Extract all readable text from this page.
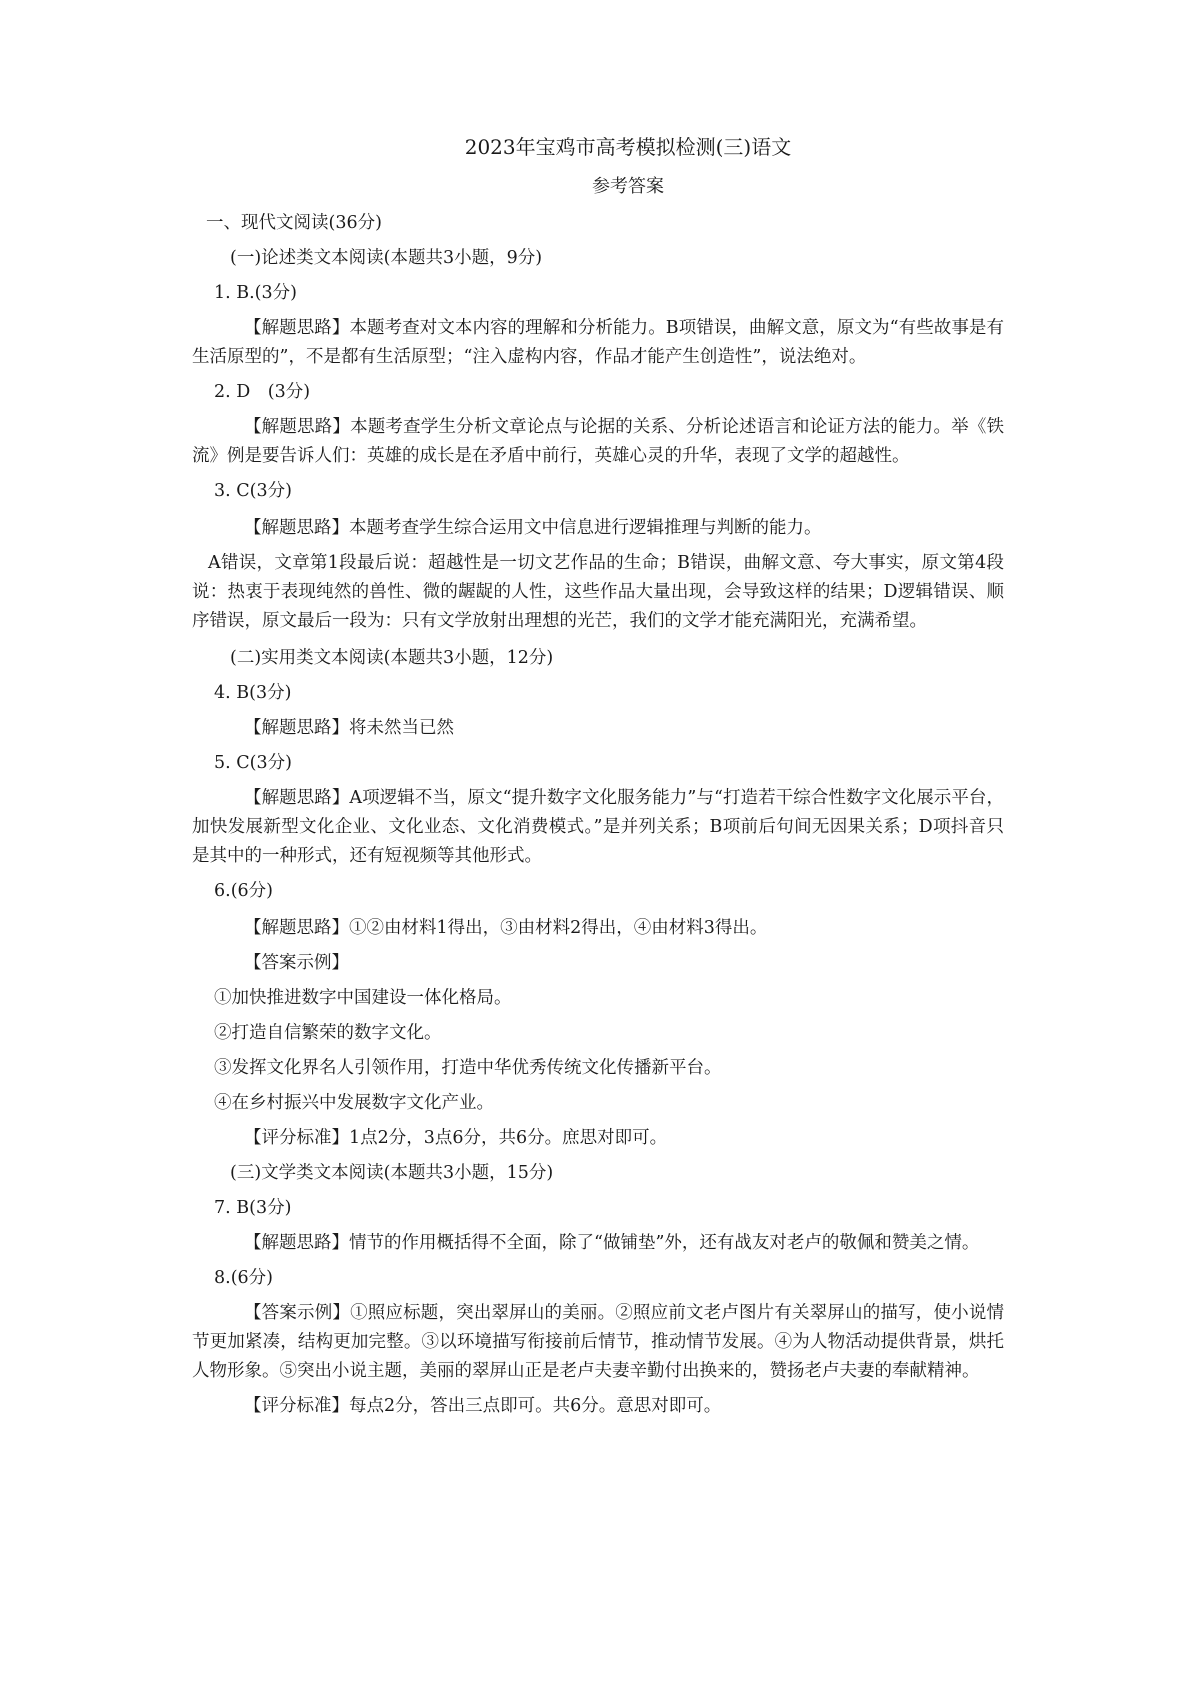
2023年宝鸡市高考模拟检测(三)语文
参考答案
一、现代文阅读(36分)
(一)论述类文本阅读(本题共3小题，9分)
1. B.(3分)
【解题思路】本题考查对文本内容的理解和分析能力。B项错误，曲解文意，原文为“有些故事是有生活原型的”，不是都有生活原型；“注入虚构内容，作品才能产生创造性”，说法绝对。
2. D　(3分)
【解题思路】本题考查学生分析文章论点与论据的关系、分析论述语言和论证方法的能力。举《铁流》例是要告诉人们：英雄的成长是在矛盾中前行，英雄心灵的升华，表现了文学的超越性。
3. C(3分)
【解题思路】本题考查学生综合运用文中信息进行逻辑推理与判断的能力。
A错误，文章第1段最后说：超越性是一切文艺作品的生命；B错误，曲解文意、夸大事实，原文第4段说：热衷于表现纯然的兽性、微的龌龊的人性，这些作品大量出现，会导致这样的结果；D逻辑错误、顺序错误，原文最后一段为：只有文学放射出理想的光芒，我们的文学才能充满阳光，充满希望。
(二)实用类文本阅读(本题共3小题，12分)
4. B(3分)
【解题思路】将未然当已然
5. C(3分)
【解题思路】A项逻辑不当，原文“提升数字文化服务能力”与“打造若干综合性数字文化展示平台，加快发展新型文化企业、文化业态、文化消费模式。”是并列关系；B项前后句间无因果关系；D项抖音只是其中的一种形式，还有短视频等其他形式。
6.(6分)
【解题思路】①②由材料1得出，③由材料2得出，④由材料3得出。
【答案示例】
①加快推进数字中国建设一体化格局。
②打造自信繁荣的数字文化。
③发挥文化界名人引领作用，打造中华优秀传统文化传播新平台。
④在乡村振兴中发展数字文化产业。
【评分标准】1点2分，3点6分，共6分。庶思对即可。
(三)文学类文本阅读(本题共3小题，15分)
7. B(3分)
【解题思路】情节的作用概括得不全面，除了“做铺垫”外，还有战友对老卢的敬佩和赞美之情。
8.(6分)
【答案示例】①照应标题，突出翠屏山的美丽。②照应前文老卢图片有关翠屏山的描写，使小说情节更加紧凑，结构更加完整。③以环境描写衔接前后情节，推动情节发展。④为人物活动提供背景，烘托人物形象。⑤突出小说主题，美丽的翠屏山正是老卢夫妻辛勤付出换来的，赞扬老卢夫妻的奉献精神。
【评分标准】每点2分，答出三点即可。共6分。意思对即可。
